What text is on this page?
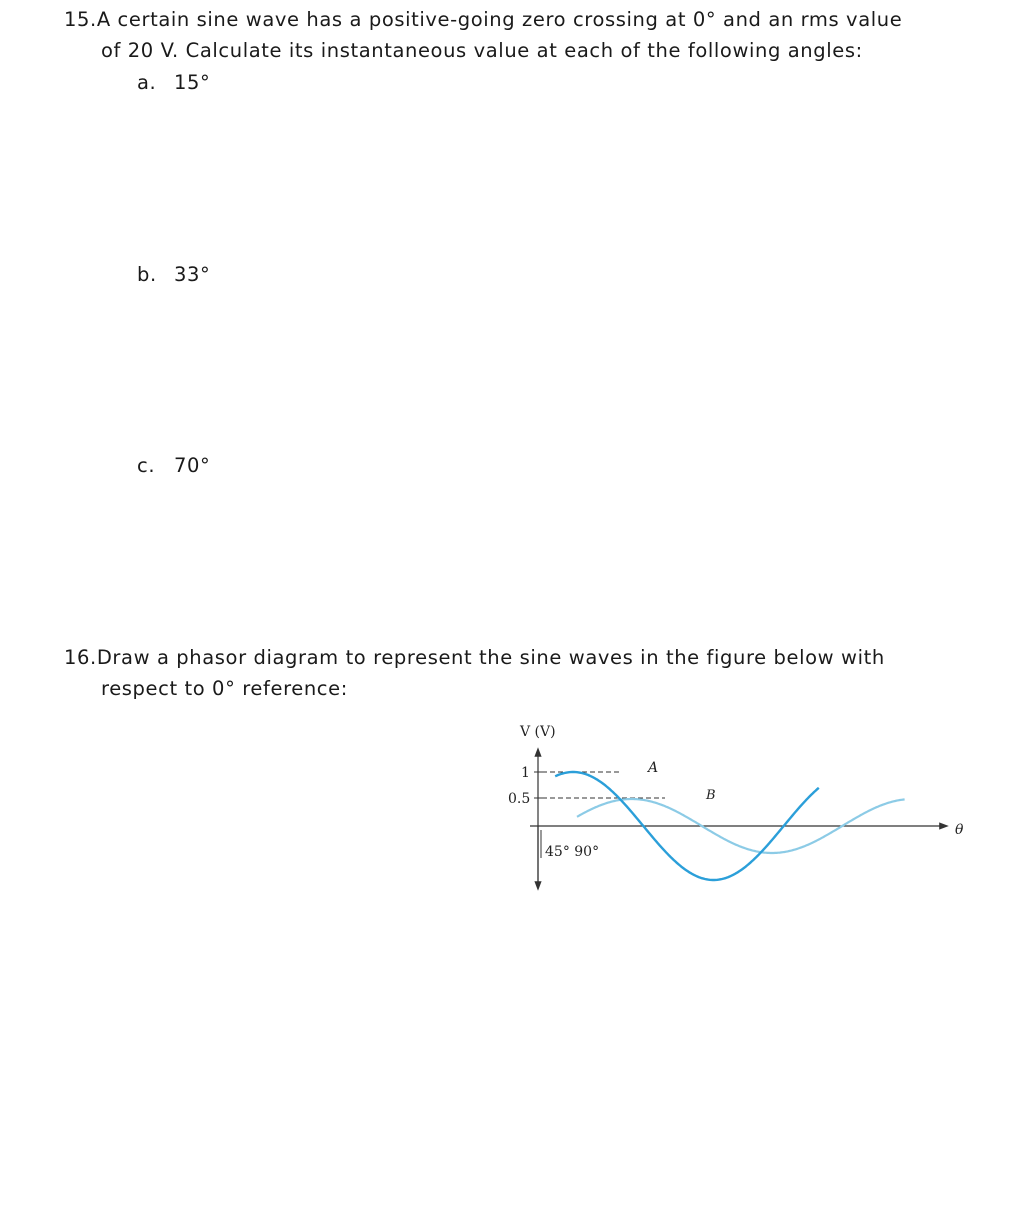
15.A certain sine wave has a positive-going zero crossing at 0° and an rms value
of 20 V. Calculate its instantaneous value at each of the following angles:
a. 15°
b. 33°
c. 70°
16.Draw a phasor diagram to represent the sine waves in the figure below with
respect to 0° reference:
V (V)
1
0.5
45° 90°
A
B
θ
